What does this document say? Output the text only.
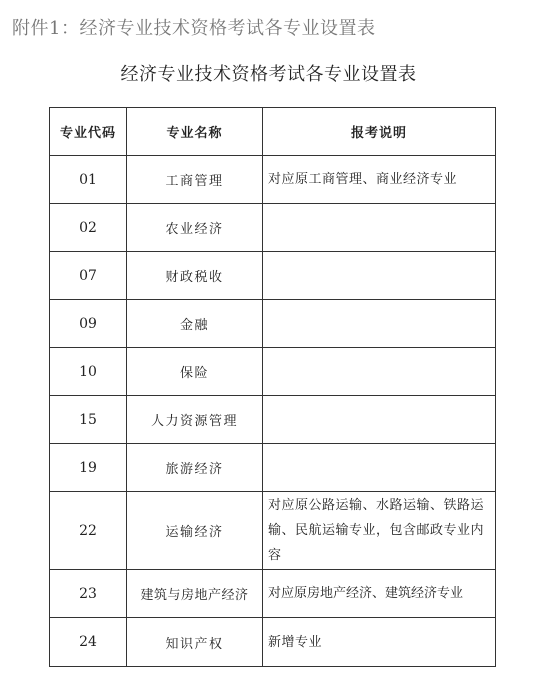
附件1：经济专业技术资格考试各专业设置表
经济专业技术资格考试各专业设置表
专业代码	专业名称	报考说明
01	工商管理	对应原工商管理、商业经济专业
02	农业经济	
07	财政税收	
09	金融	
10	保险	
15	人力资源管理	
19	旅游经济	
22	运输经济	对应原公路运输、水路运输、铁路运输、民航运输专业，包含邮政专业内容
23	建筑与房地产经济	对应原房地产经济、建筑经济专业
24	知识产权	新增专业
